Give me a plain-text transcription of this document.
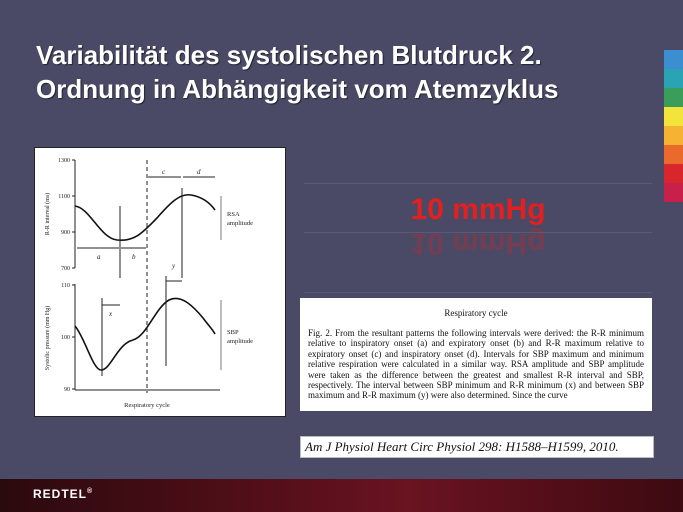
Variabilität des systolischen Blutdruck 2.
Ordnung in Abhängigkeit vom Atemzyklus
1300
1100
900
700
R-R interval (ms)
a	b
c	d
RSA
amplitude
110
100
90
Systolic pressure (mm Hg)	x
y
SBP
amplitude
Respiratory cycle
10 mmHg
10 mmHg
Respiratory cycle
Fig. 2. From the resultant patterns the following intervals were derived: the R-R minimum relative to inspiratory onset (a) and expiratory onset (b) and R-R maximum relative to expiratory onset (c) and inspiratory onset (d). Intervals for SBP maximum and minimum relative respiration were calculated in a similar way. RSA amplitude and SBP amplitude were taken as the difference between the greatest and smallest R-R interval and SBP, respectively. The interval between SBP minimum and R-R minimum (x) and between SBP maximum and R-R maximum (y) were also determined. Since the curve
Am J Physiol Heart Circ Physiol 298: H1588–H1599, 2010.
REDTEL®
